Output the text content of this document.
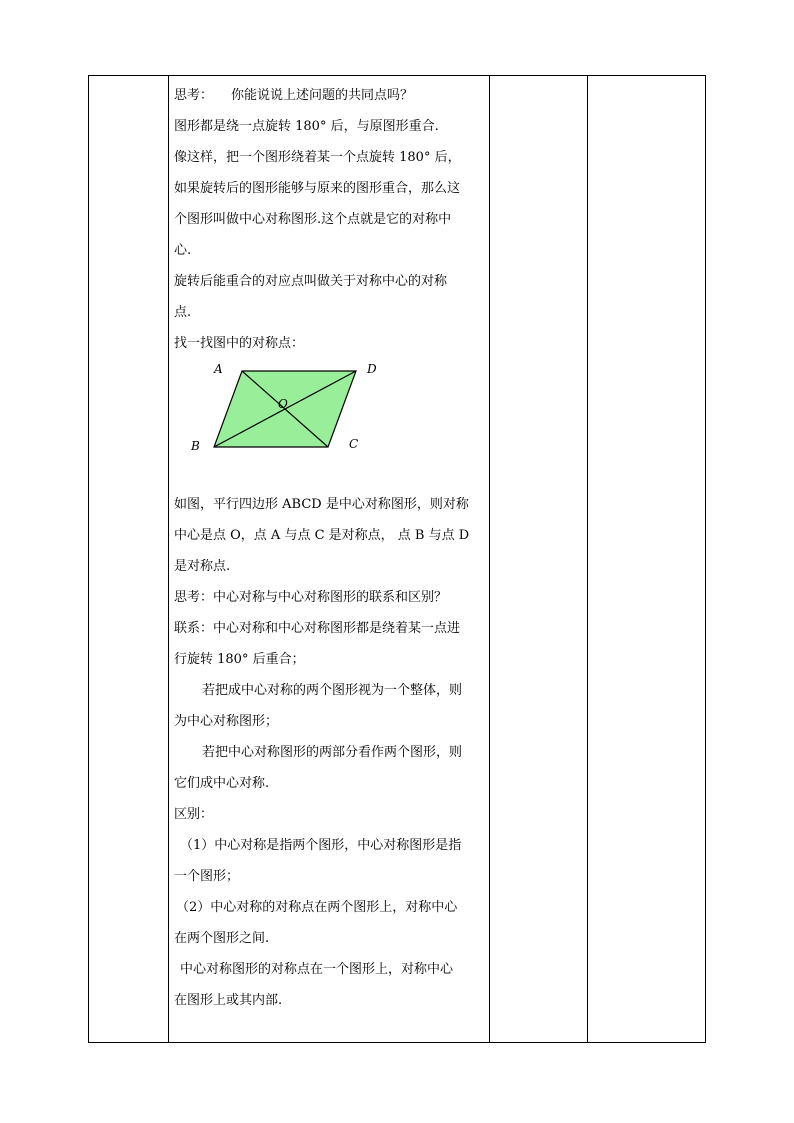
思考： 你能说说上述问题的共同点吗？

图形都是绕一点旋转 180° 后，与原图形重合.

像这样，把一个图形绕着某一个点旋转 180° 后，

如果旋转后的图形能够与原来的图形重合，那么这

个图形叫做中心对称图形.这个点就是它的对称中

心.

旋转后能重合的对应点叫做关于对称中心的对称

点.

找一找图中的对称点：

A	D
O
B	C

如图，平行四边形 ABCD 是中心对称图形，则对称

中心是点 O，点 A 与点 C 是对称点， 点 B 与点 D

是对称点.

思考：中心对称与中心对称图形的联系和区别？

联系：中心对称和中心对称图形都是绕着某一点进

行旋转 180° 后重合；

若把成中心对称的两个图形视为一个整体，则

为中心对称图形；

若把中心对称图形的两部分看作两个图形，则

它们成中心对称.

区别：

（1）中心对称是指两个图形，中心对称图形是指

一个图形；

（2）中心对称的对称点在两个图形上，对称中心

在两个图形之间.

中心对称图形的对称点在一个图形上，对称中心

在图形上或其内部.
